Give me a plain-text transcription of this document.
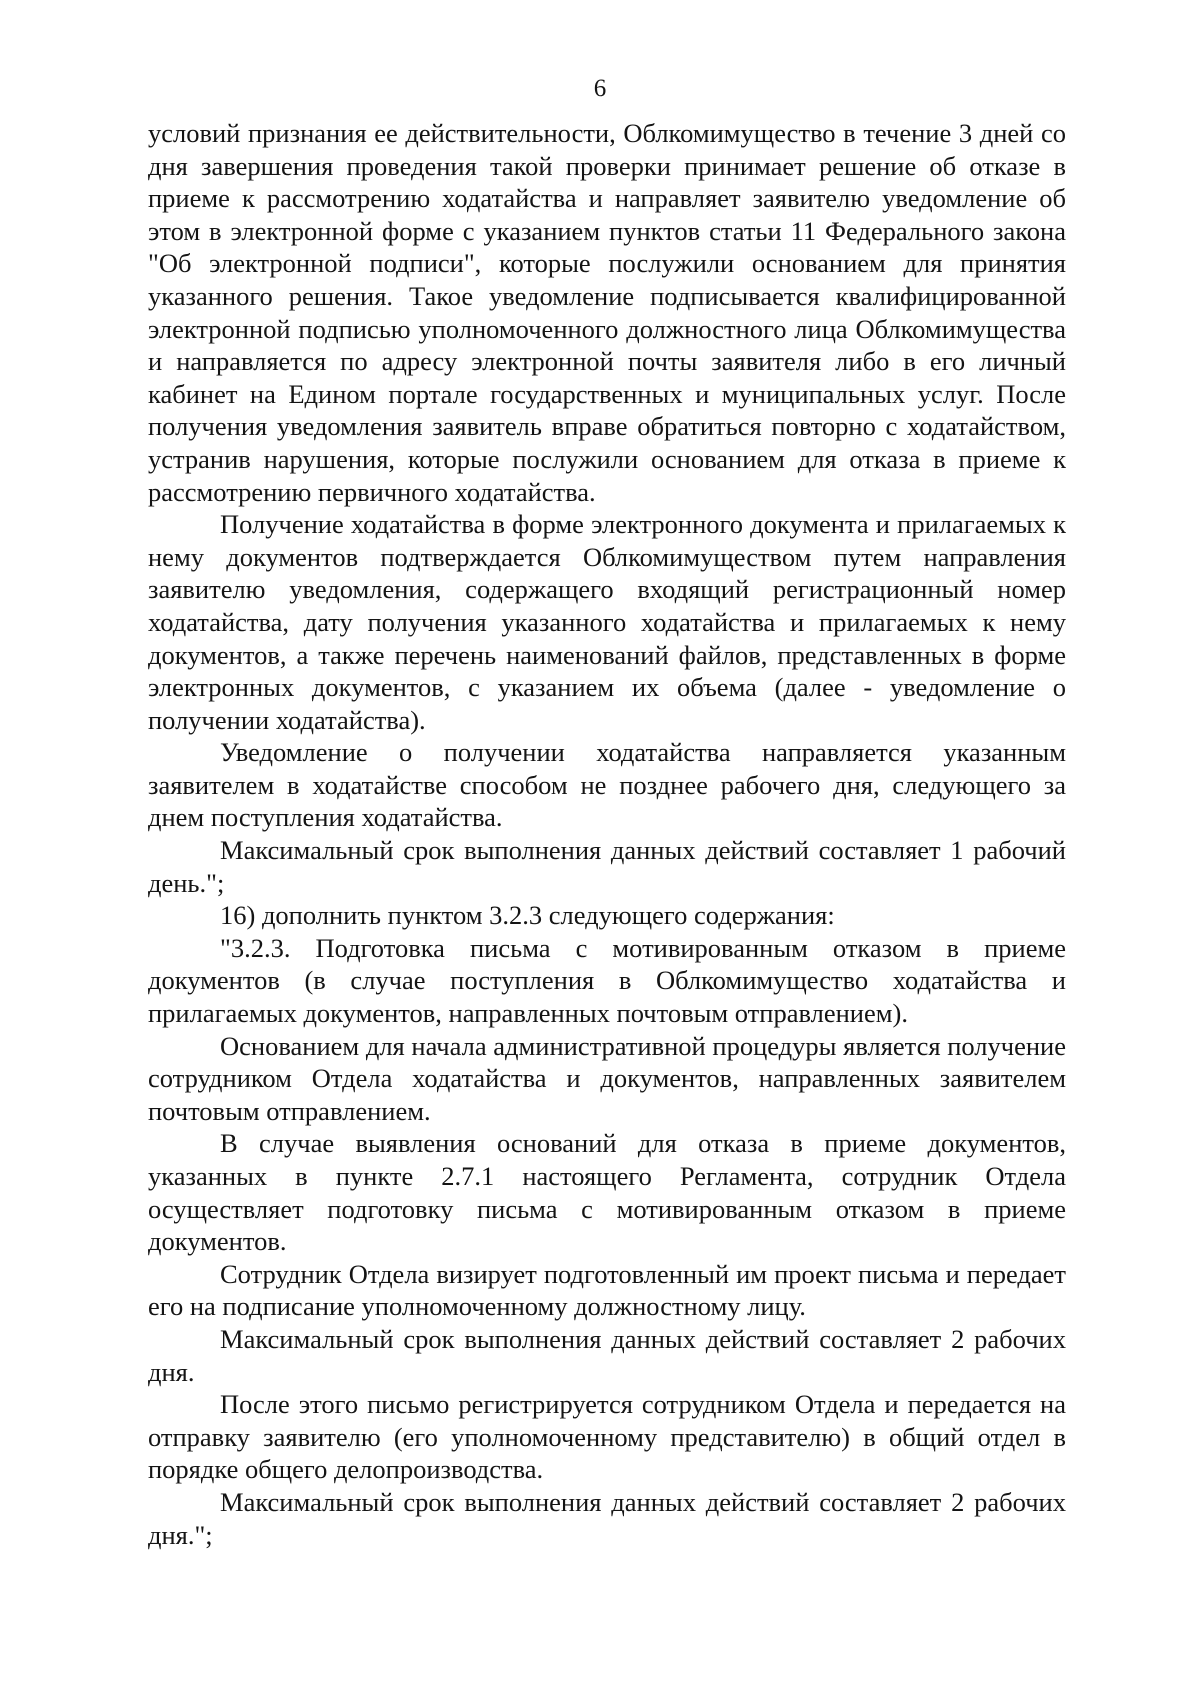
6

условий признания ее действительности, Облкомимущество в течение 3 дней со дня завершения проведения такой проверки принимает решение об отказе в приеме к рассмотрению ходатайства и направляет заявителю уведомление об этом в электронной форме с указанием пунктов статьи 11 Федерального закона "Об электронной подписи", которые послужили основанием для принятия указанного решения. Такое уведомление подписывается квалифицированной электронной подписью уполномоченного должностного лица Облкомимущества и направляется по адресу электронной почты заявителя либо в его личный кабинет на Едином портале государственных и муниципальных услуг. После получения уведомления заявитель вправе обратиться повторно с ходатайством, устранив нарушения, которые послужили основанием для отказа в приеме к рассмотрению первичного ходатайства.

Получение ходатайства в форме электронного документа и прилагаемых к нему документов подтверждается Облкомимуществом путем направления заявителю уведомления, содержащего входящий регистрационный номер ходатайства, дату получения указанного ходатайства и прилагаемых к нему документов, а также перечень наименований файлов, представленных в форме электронных документов, с указанием их объема (далее - уведомление о получении ходатайства).

Уведомление о получении ходатайства направляется указанным заявителем в ходатайстве способом не позднее рабочего дня, следующего за днем поступления ходатайства.

Максимальный срок выполнения данных действий составляет 1 рабочий день.";

16) дополнить пунктом 3.2.3 следующего содержания:

"3.2.3. Подготовка письма с мотивированным отказом в приеме документов (в случае поступления в Облкомимущество ходатайства и прилагаемых документов, направленных почтовым отправлением).

Основанием для начала административной процедуры является получение сотрудником Отдела ходатайства и документов, направленных заявителем почтовым отправлением.

В случае выявления оснований для отказа в приеме документов, указанных в пункте 2.7.1 настоящего Регламента, сотрудник Отдела осуществляет подготовку письма с мотивированным отказом в приеме документов.

Сотрудник Отдела визирует подготовленный им проект письма и передает его на подписание уполномоченному должностному лицу.

Максимальный срок выполнения данных действий составляет 2 рабочих дня.

После этого письмо регистрируется сотрудником Отдела и передается на отправку заявителю (его уполномоченному представителю) в общий отдел в порядке общего делопроизводства.

Максимальный срок выполнения данных действий составляет 2 рабочих дня.";
